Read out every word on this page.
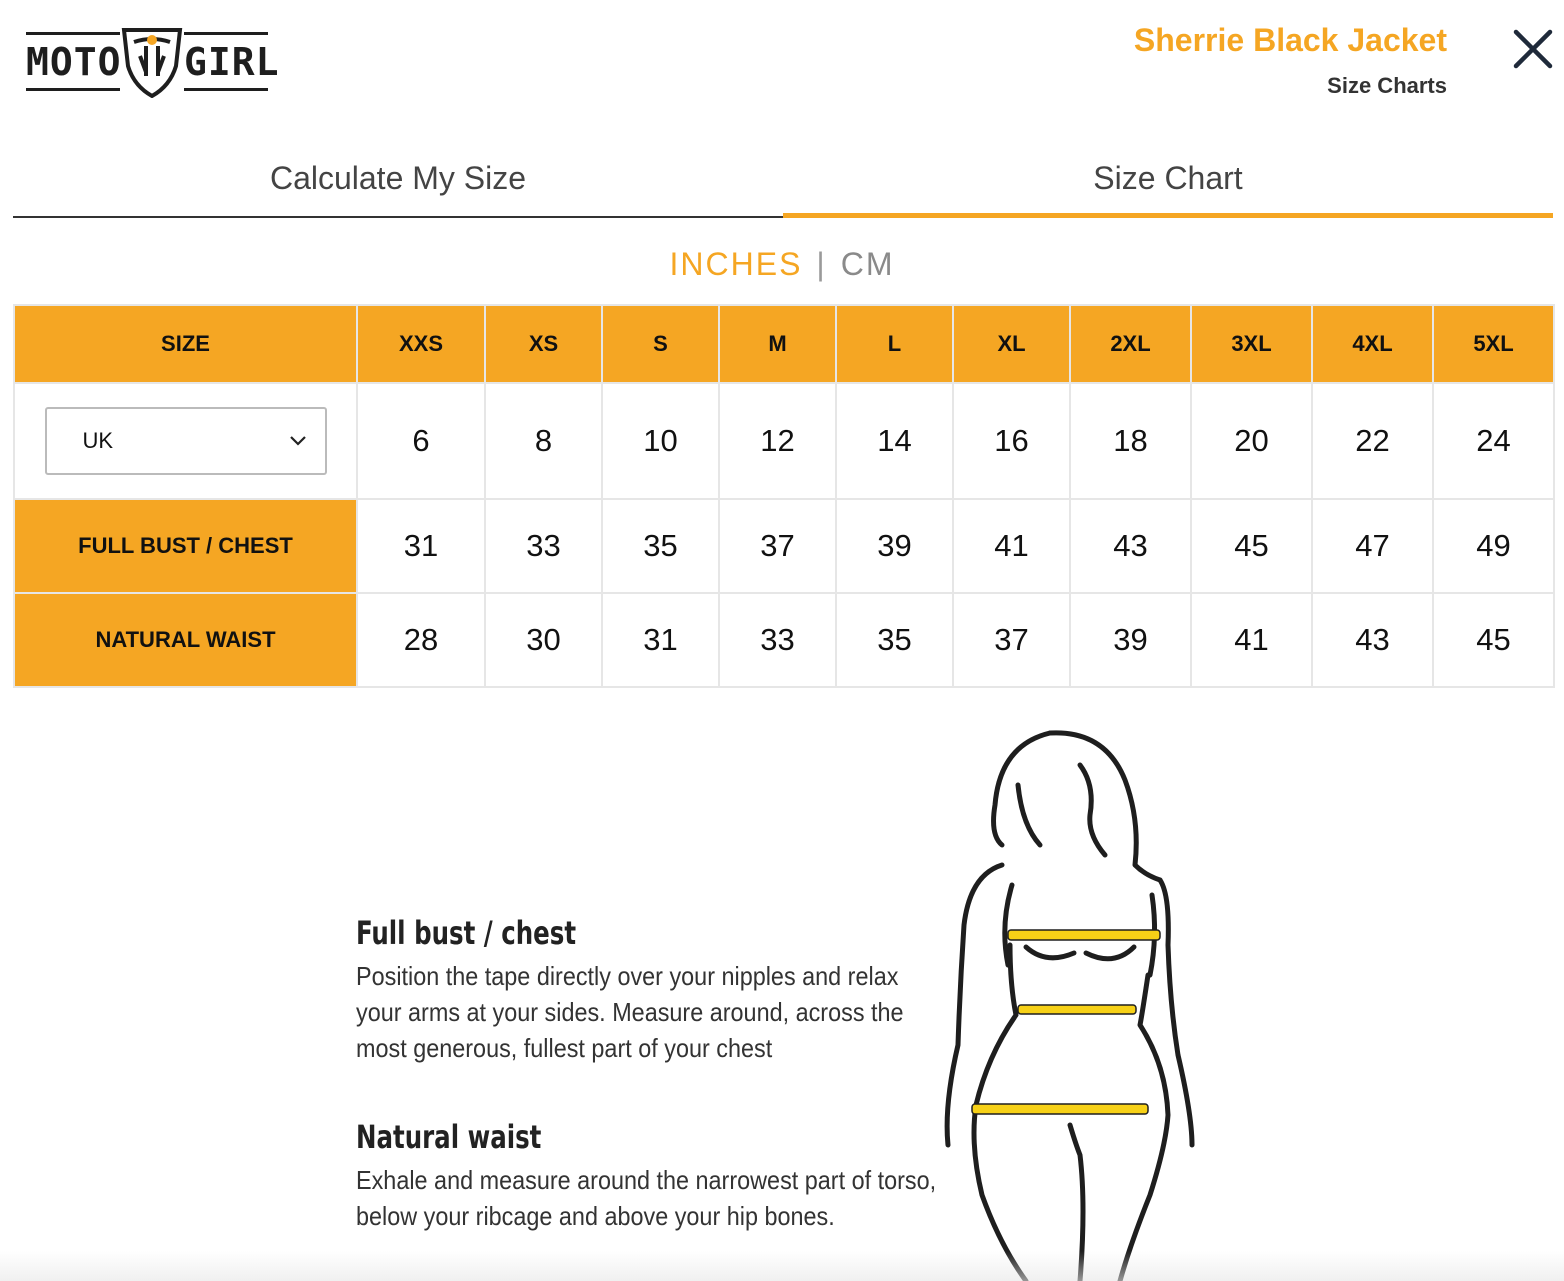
MOTO GIRL	Sherrie Black Jacket
Size Charts
Calculate My Size	Size Chart
INCHES | CM
SIZE	XXS	XS	S	M	L	XL	2XL	3XL	4XL	5XL

UK	6	8	10	12	14	16	18	20	22	24
FULL BUST / CHEST	31	33	35	37	39	41	43	45	47	49
NATURAL WAIST	28	30	31	33	35	37	39	41	43	45
Full bust / chest

Position the tape directly over your nipples and relax your arms at your sides. Measure around, across the most generous, fullest part of your chest

Natural waist

Exhale and measure around the narrowest part of torso, below your ribcage and above your hip bones.
